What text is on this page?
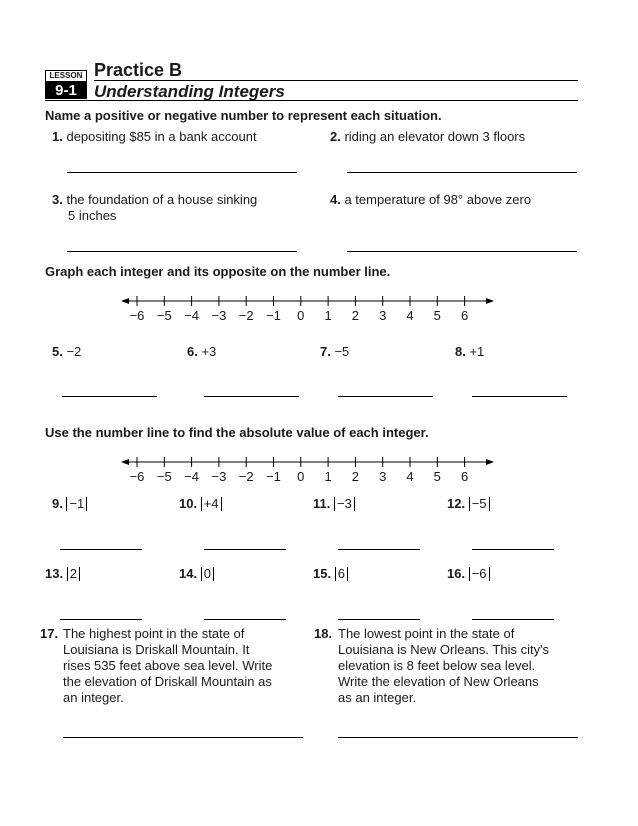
LESSON
9-1
Practice B
Understanding Integers
Name a positive or negative number to represent each situation.
1. depositing $85 in a bank account	2. riding an elevator down 3 floors
3. the foundation of a house sinking
5 inches
4. a temperature of 98° above zero
Graph each integer and its opposite on the number line.
−6 −5 −4 −3 −2 −1 0 1 2 3 4 5 6
5. −2	6. +3	7. −5	8. +1
Use the number line to find the absolute value of each integer.
−6 −5 −4 −3 −2 −1 0 1 2 3 4 5 6
9. −1	10. +4	11. −3	12. −5
13. 2	14. 0	15. 6	16. −6
17. The highest point in the state of
Louisiana is Driskall Mountain. It
rises 535 feet above sea level. Write
the elevation of Driskall Mountain as
an integer.
18. The lowest point in the state of
Louisiana is New Orleans. This city's
elevation is 8 feet below sea level.
Write the elevation of New Orleans
as an integer.
